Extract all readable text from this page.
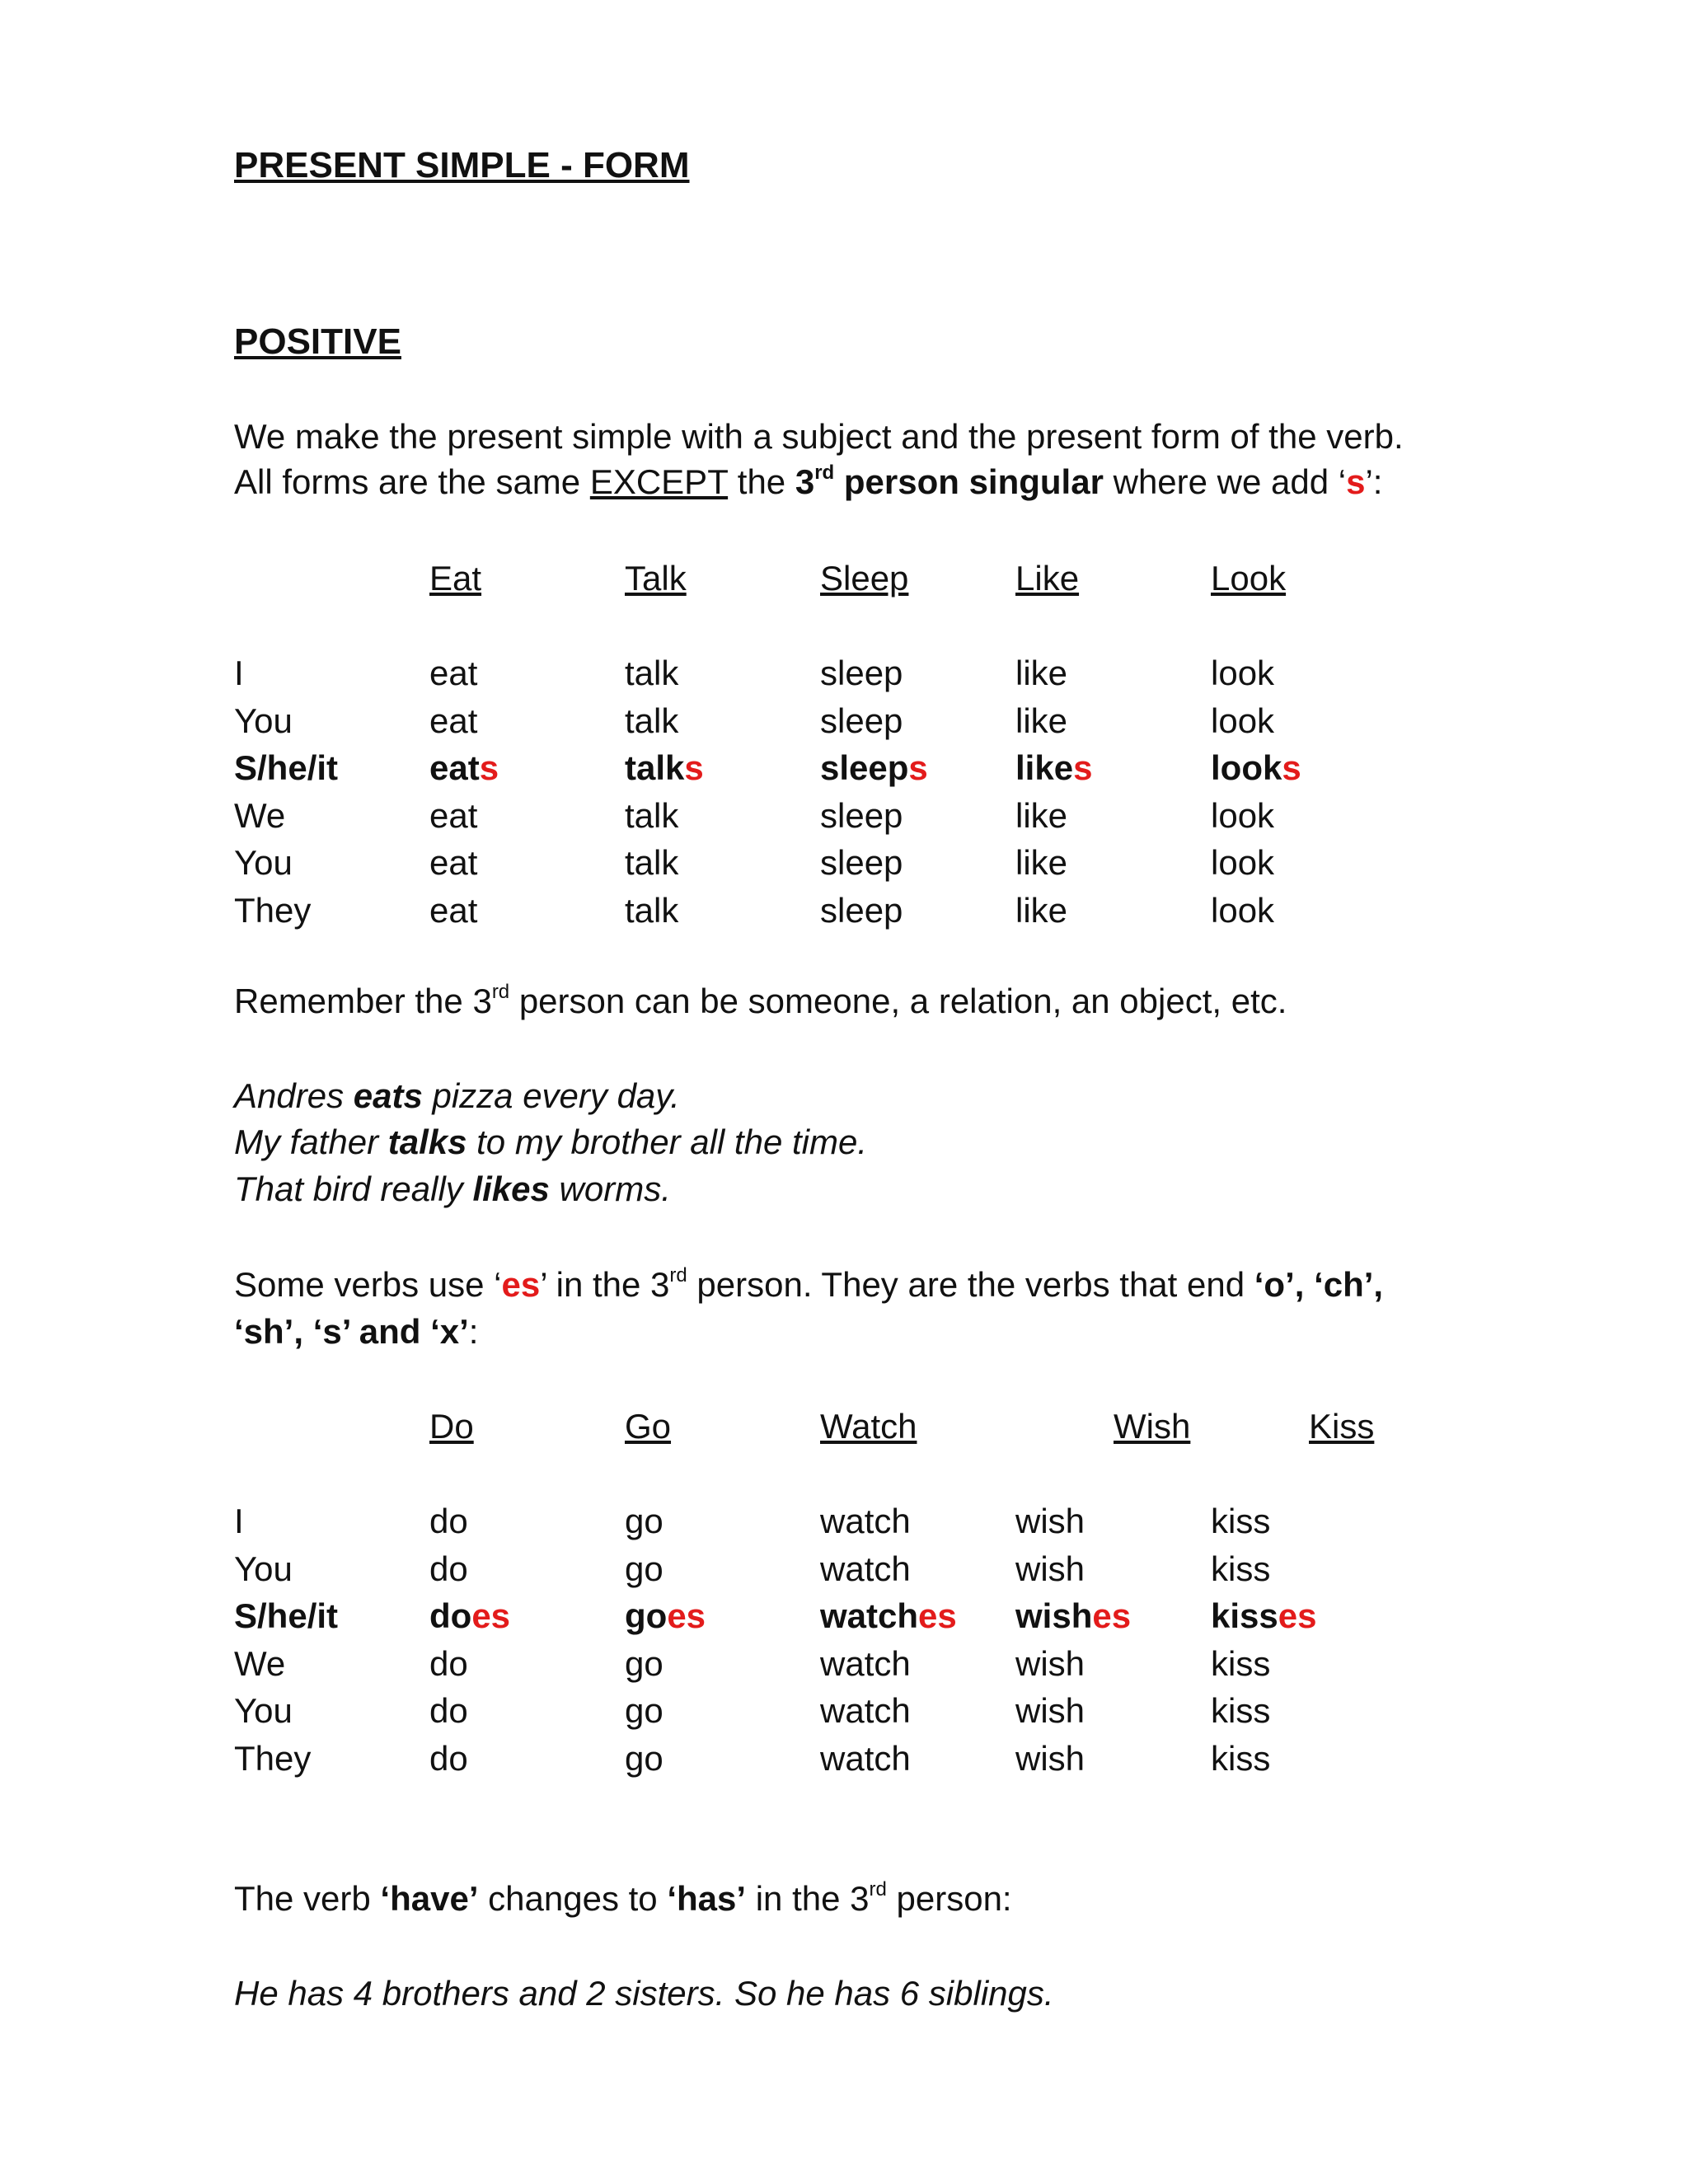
PRESENT SIMPLE - FORM
POSITIVE
We make the present simple with a subject and the present form of the verb.
All forms are the same EXCEPT the 3rd person singular where we add ‘s’:
Eat	Talk	Sleep	Like	Look
I	eat	talk	sleep	like	look
You	eat	talk	sleep	like	look
S/he/it	eats	talks	sleeps	likes	looks
We	eat	talk	sleep	like	look
You	eat	talk	sleep	like	look
They	eat	talk	sleep	like	look
Remember the 3rd person can be someone, a relation, an object, etc.
Andres eats pizza every day.
My father talks to my brother all the time.
That bird really likes worms.
Some verbs use ‘es’ in the 3rd person. They are the verbs that end ‘o’, ‘ch’,
‘sh’, ‘s’ and ‘x’:
Do	Go	Watch	Wish	Kiss
I	do	go	watch	wish	kiss
You	do	go	watch	wish	kiss
S/he/it	does	goes	watches wishes kisses
We	do	go	watch	wish	kiss
You	do	go	watch	wish	kiss
They	do	go	watch	wish	kiss
The verb ‘have’ changes to ‘has’ in the 3rd person:
He has 4 brothers and 2 sisters. So he has 6 siblings.
